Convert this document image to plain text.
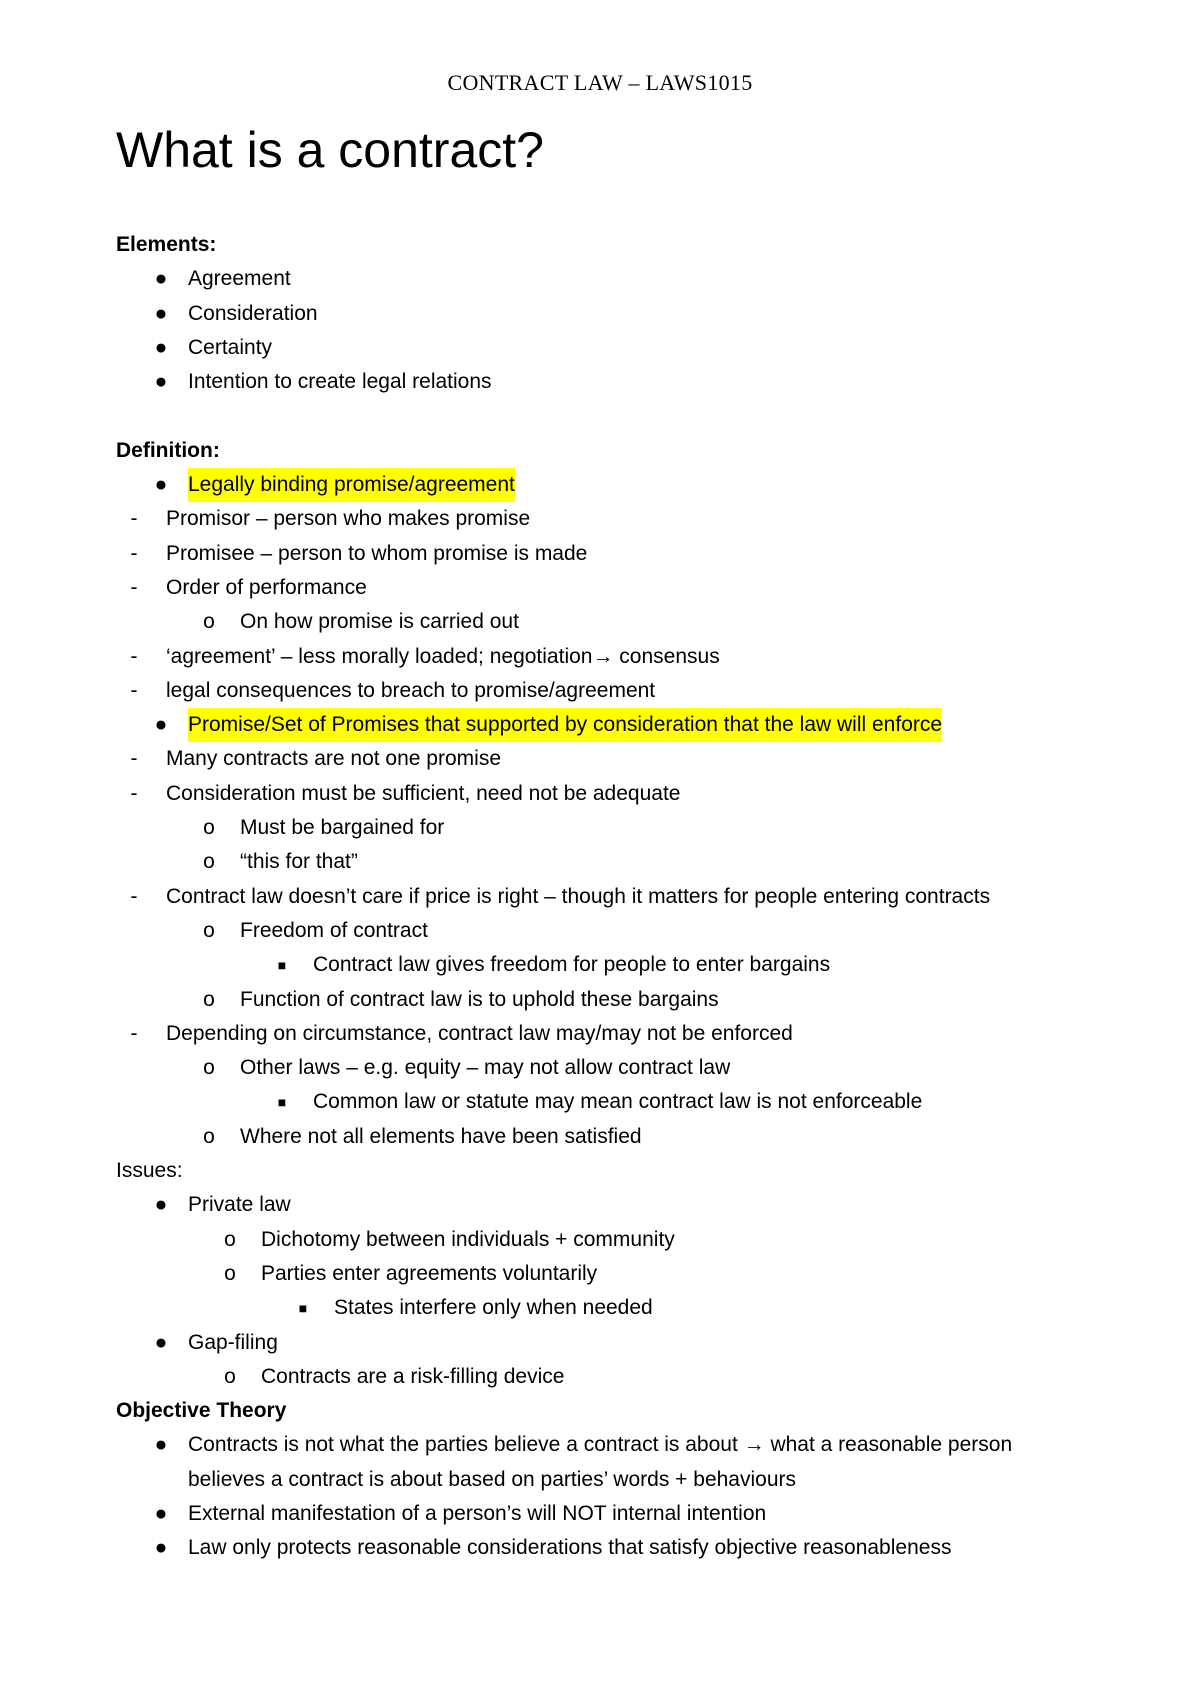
CONTRACT LAW – LAWS1015
What is a contract?
Elements:
● Agreement
● Consideration
● Certainty
● Intention to create legal relations
Definition:
● Legally binding promise/agreement
-	Promisor – person who makes promise
-	Promisee – person to whom promise is made
-	Order of performance
o On how promise is carried out
-	‘agreement’ – less morally loaded; negotiation→ consensus
-	legal consequences to breach to promise/agreement
● Promise/Set of Promises that supported by consideration that the law will enforce
-	Many contracts are not one promise
-	Consideration must be sufficient, need not be adequate
o Must be bargained for
o “this for that”
-	Contract law doesn’t care if price is right – though it matters for people entering contracts
o Freedom of contract
■ Contract law gives freedom for people to enter bargains
o Function of contract law is to uphold these bargains
-	Depending on circumstance, contract law may/may not be enforced
o Other laws – e.g. equity – may not allow contract law
■ Common law or statute may mean contract law is not enforceable
o Where not all elements have been satisfied
Issues:
● Private law
o Dichotomy between individuals + community
o Parties enter agreements voluntarily
■ States interfere only when needed
● Gap-filing
o Contracts are a risk-filling device
Objective Theory
● Contracts is not what the parties believe a contract is about → what a reasonable person
believes a contract is about based on parties’ words + behaviours
● External manifestation of a person’s will NOT internal intention
● Law only protects reasonable considerations that satisfy objective reasonableness
